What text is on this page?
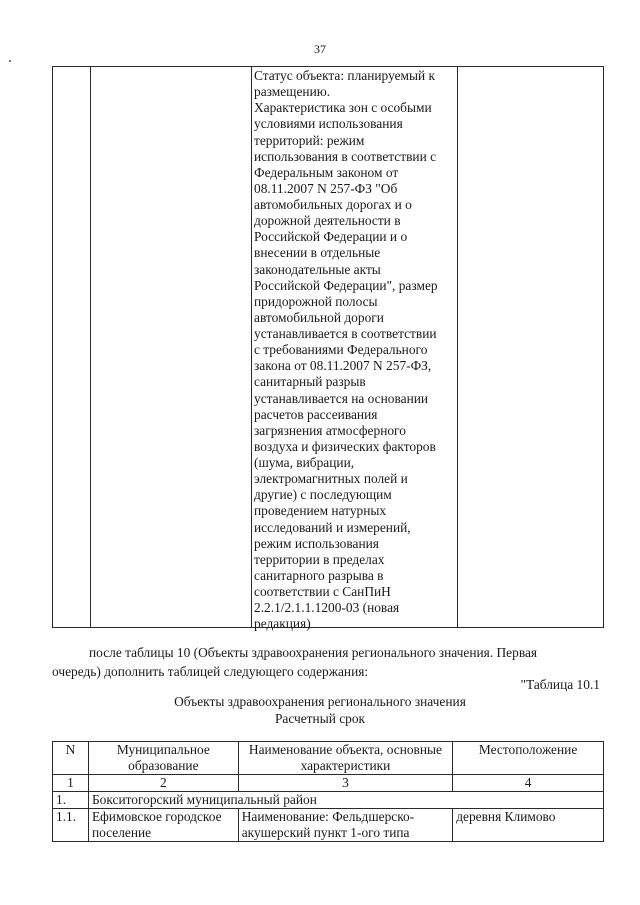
37
Статус объекта: планируемый к
размещению.
Характеристика зон с особыми
условиями использования
территорий: режим
использования в соответствии с
Федеральным законом от
08.11.2007 N 257-ФЗ "Об
автомобильных дорогах и о
дорожной деятельности в
Российской Федерации и о
внесении в отдельные
законодательные акты
Российской Федерации", размер
придорожной полосы
автомобильной дороги
устанавливается в соответствии
с требованиями Федерального
закона от 08.11.2007 N 257-ФЗ,
санитарный разрыв
устанавливается на основании
расчетов рассеивания
загрязнения атмосферного
воздуха и физических факторов
(шума, вибрации,
электромагнитных полей и
другие) с последующим
проведением натурных
исследований и измерений,
режим использования
территории в пределах
санитарного разрыва в
соответствии с СанПиН
2.2.1/2.1.1.1200-03 (новая
редакция)
после таблицы 10 (Объекты здравоохранения регионального значения. Первая
очередь) дополнить таблицей следующего содержания:
"Таблица 10.1
Объекты здравоохранения регионального значения
Расчетный срок
N	Муниципальное образование	Наименование объекта, основные характеристики	Местоположение
1	2	3	4
1.	Бокситогорский муниципальный район		
1.1.	Ефимовское городское поселение	Наименование: Фельдшерско-акушерский пункт 1-ого типа	деревня Климово
